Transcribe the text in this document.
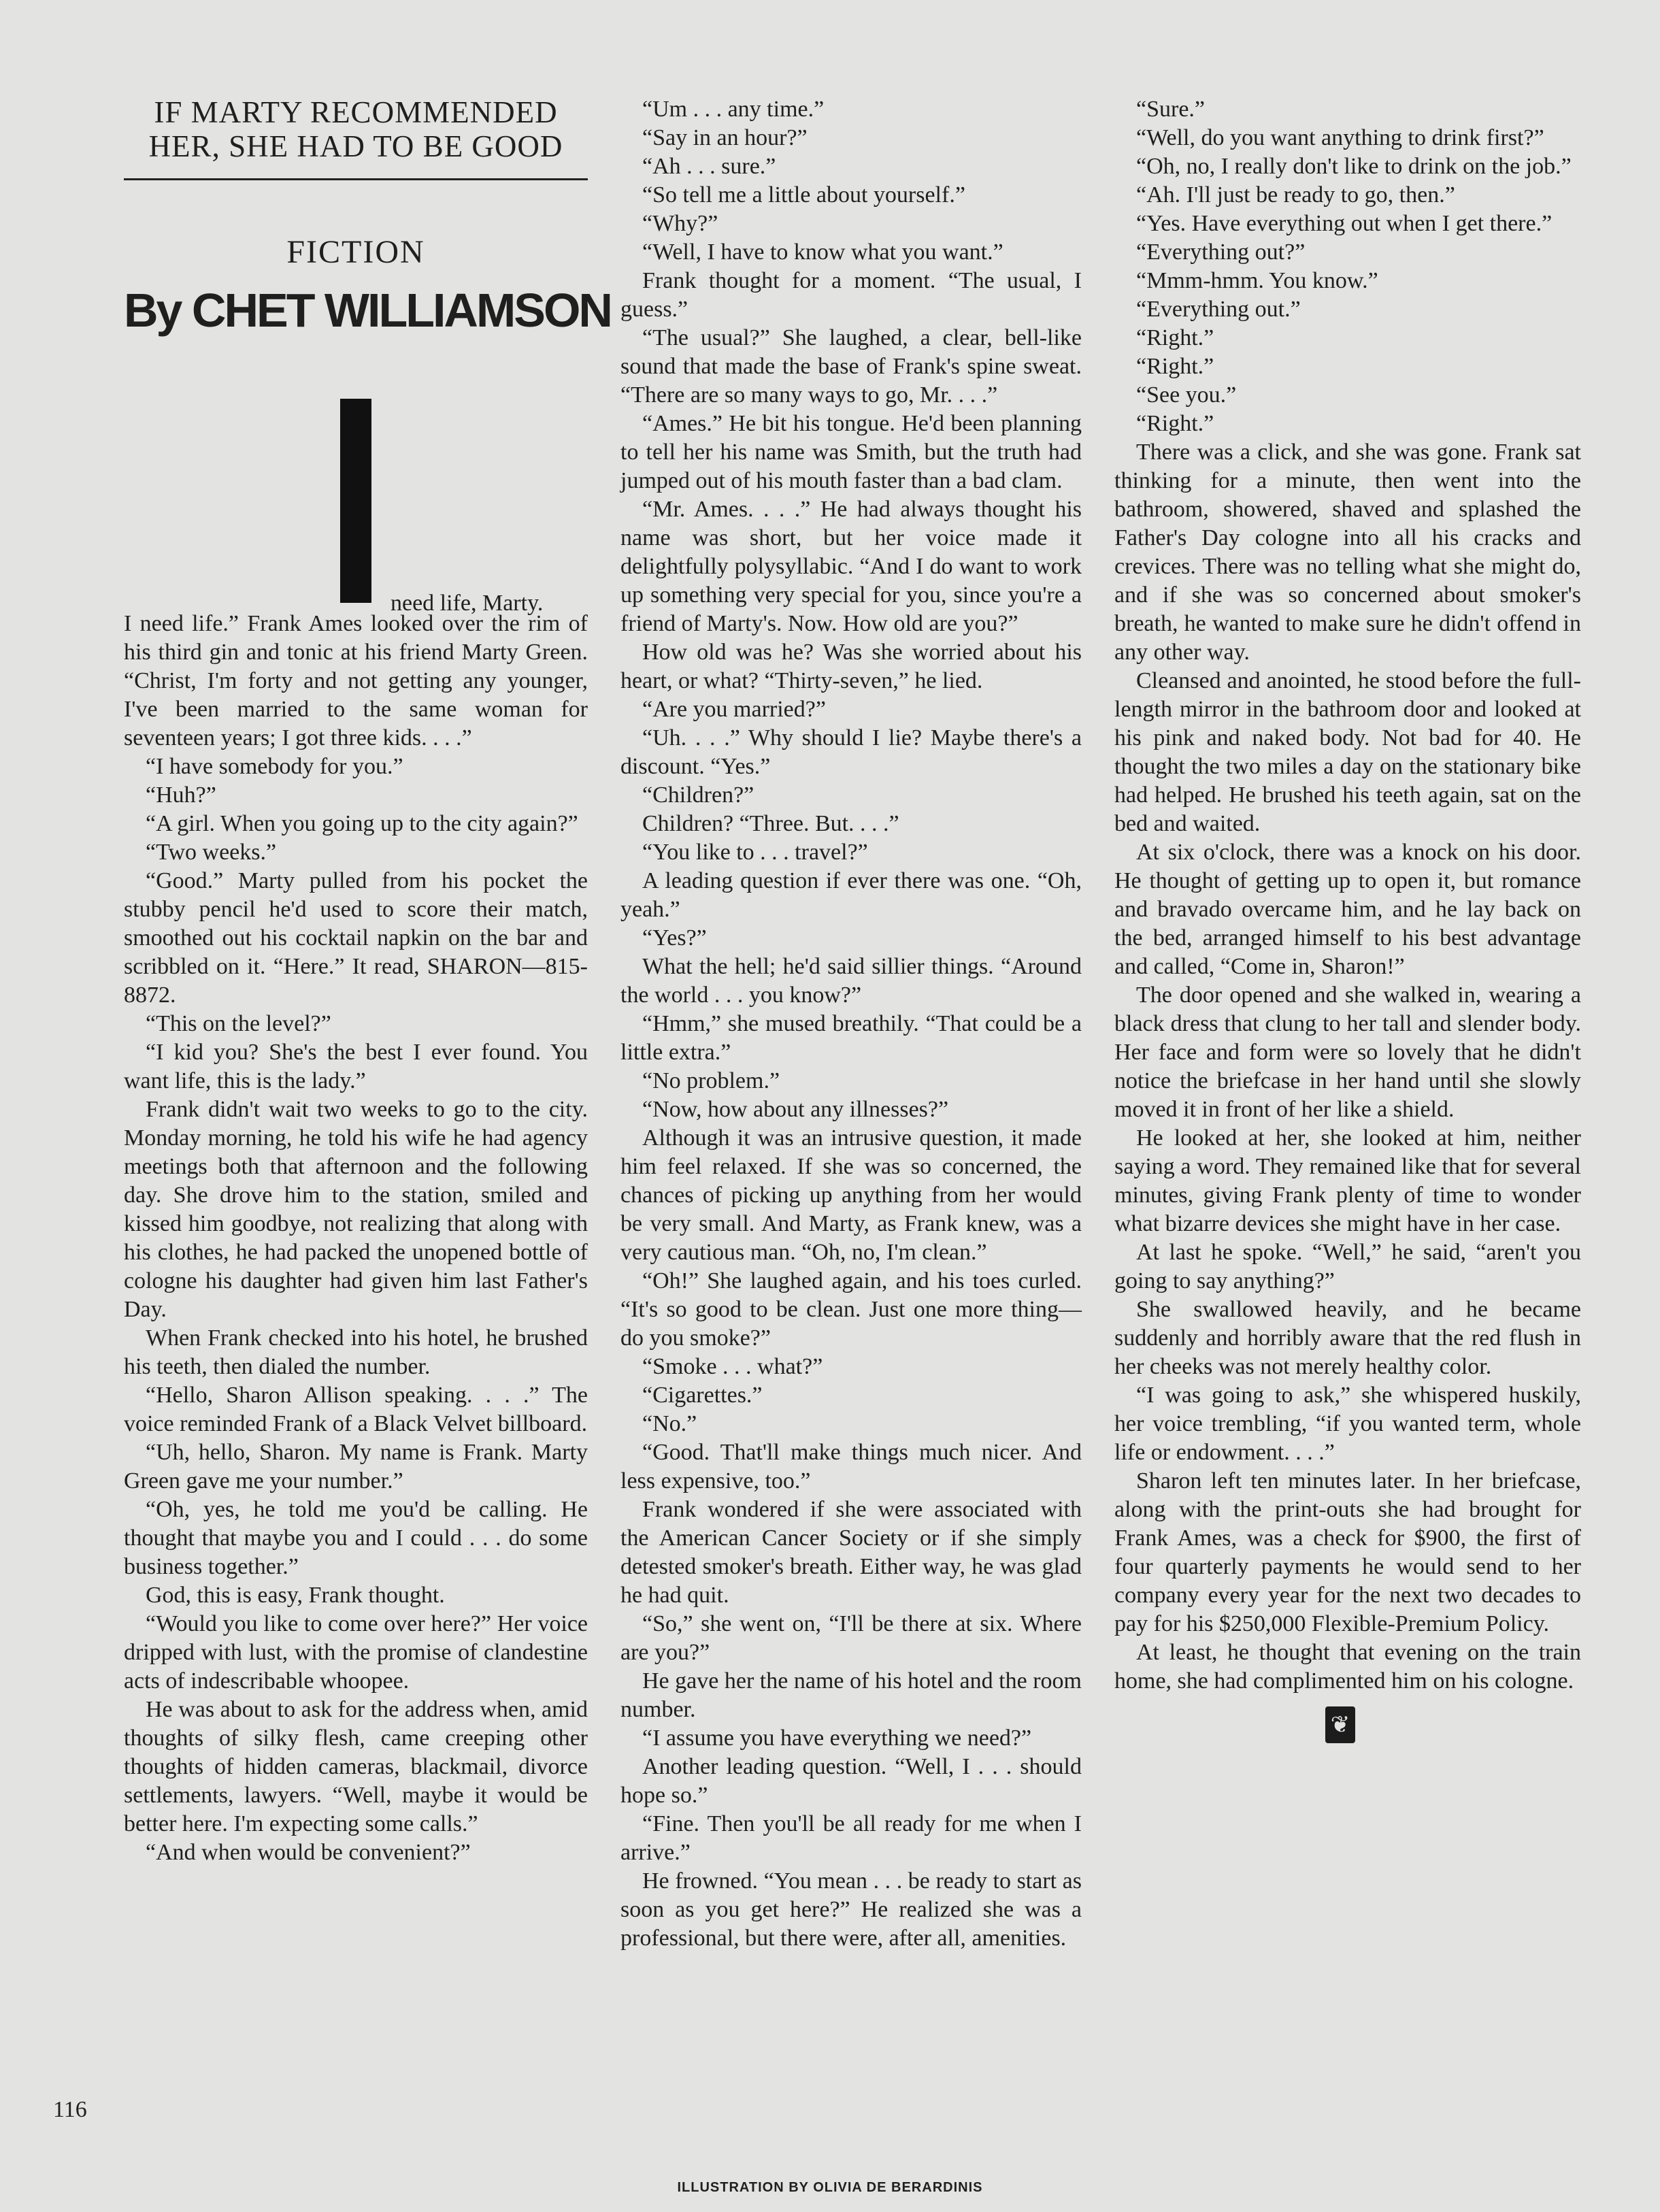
IF MARTY RECOMMENDED HER, SHE HAD TO BE GOOD
FICTION
By CHET WILLIAMSON
need life, Marty.

I need life.” Frank Ames looked over the rim of his third gin and tonic at his friend Marty Green. “Christ, I'm forty and not getting any younger, I've been married to the same woman for seventeen years; I got three kids. . . .”

“I have somebody for you.”

“Huh?”

“A girl. When you going up to the city again?”

“Two weeks.”

“Good.” Marty pulled from his pocket the stubby pencil he'd used to score their match, smoothed out his cocktail napkin on the bar and scribbled on it. “Here.” It read, SHARON—815-8872.

“This on the level?”

“I kid you? She's the best I ever found. You want life, this is the lady.”

Frank didn't wait two weeks to go to the city. Monday morning, he told his wife he had agency meetings both that afternoon and the following day. She drove him to the station, smiled and kissed him goodbye, not realizing that along with his clothes, he had packed the unopened bottle of cologne his daughter had given him last Father's Day.

When Frank checked into his hotel, he brushed his teeth, then dialed the number.

“Hello, Sharon Allison speaking. . . .” The voice reminded Frank of a Black Velvet billboard.

“Uh, hello, Sharon. My name is Frank. Marty Green gave me your number.”

“Oh, yes, he told me you'd be calling. He thought that maybe you and I could . . . do some business together.”

God, this is easy, Frank thought.

“Would you like to come over here?” Her voice dripped with lust, with the promise of clandestine acts of indescribable whoopee.

He was about to ask for the address when, amid thoughts of silky flesh, came creeping other thoughts of hidden cameras, blackmail, divorce settlements, lawyers. “Well, maybe it would be better here. I'm expecting some calls.”

“And when would be convenient?”

“Um . . . any time.”

“Say in an hour?”

“Ah . . . sure.”

“So tell me a little about yourself.”

“Why?”

“Well, I have to know what you want.”

Frank thought for a moment. “The usual, I guess.”

“The usual?” She laughed, a clear, bell-like sound that made the base of Frank's spine sweat. “There are so many ways to go, Mr. . . .”

“Ames.” He bit his tongue. He'd been planning to tell her his name was Smith, but the truth had jumped out of his mouth faster than a bad clam.

“Mr. Ames. . . .” He had always thought his name was short, but her voice made it delightfully polysyllabic. “And I do want to work up something very special for you, since you're a friend of Marty's. Now. How old are you?”

How old was he? Was she worried about his heart, or what? “Thirty-seven,” he lied.

“Are you married?”

“Uh. . . .” Why should I lie? Maybe there's a discount. “Yes.”

“Children?”

Children? “Three. But. . . .”

“You like to . . . travel?”

A leading question if ever there was one. “Oh, yeah.”

“Yes?”

What the hell; he'd said sillier things. “Around the world . . . you know?”

“Hmm,” she mused breathily. “That could be a little extra.”

“No problem.”

“Now, how about any illnesses?”

Although it was an intrusive question, it made him feel relaxed. If she was so concerned, the chances of picking up anything from her would be very small. And Marty, as Frank knew, was a very cautious man. “Oh, no, I'm clean.”

“Oh!” She laughed again, and his toes curled. “It's so good to be clean. Just one more thing—do you smoke?”

“Smoke . . . what?”

“Cigarettes.”

“No.”

“Good. That'll make things much nicer. And less expensive, too.”

Frank wondered if she were associated with the American Cancer Society or if she simply detested smoker's breath. Either way, he was glad he had quit.

“So,” she went on, “I'll be there at six. Where are you?”

He gave her the name of his hotel and the room number.

“I assume you have everything we need?”

Another leading question. “Well, I . . . should hope so.”

“Fine. Then you'll be all ready for me when I arrive.”

He frowned. “You mean . . . be ready to start as soon as you get here?” He realized she was a professional, but there were, after all, amenities.

“Sure.”

“Well, do you want anything to drink first?”

“Oh, no, I really don't like to drink on the job.”

“Ah. I'll just be ready to go, then.”

“Yes. Have everything out when I get there.”

“Everything out?”

“Mmm-hmm. You know.”

“Everything out.”

“Right.”

“Right.”

“See you.”

“Right.”

There was a click, and she was gone. Frank sat thinking for a minute, then went into the bathroom, showered, shaved and splashed the Father's Day cologne into all his cracks and crevices. There was no telling what she might do, and if she was so concerned about smoker's breath, he wanted to make sure he didn't offend in any other way.

Cleansed and anointed, he stood before the full-length mirror in the bathroom door and looked at his pink and naked body. Not bad for 40. He thought the two miles a day on the stationary bike had helped. He brushed his teeth again, sat on the bed and waited.

At six o'clock, there was a knock on his door. He thought of getting up to open it, but romance and bravado overcame him, and he lay back on the bed, arranged himself to his best advantage and called, “Come in, Sharon!”

The door opened and she walked in, wearing a black dress that clung to her tall and slender body. Her face and form were so lovely that he didn't notice the briefcase in her hand until she slowly moved it in front of her like a shield.

He looked at her, she looked at him, neither saying a word. They remained like that for several minutes, giving Frank plenty of time to wonder what bizarre devices she might have in her case.

At last he spoke. “Well,” he said, “aren't you going to say anything?”

She swallowed heavily, and he became suddenly and horribly aware that the red flush in her cheeks was not merely healthy color.

“I was going to ask,” she whispered huskily, her voice trembling, “if you wanted term, whole life or endowment. . . .”

Sharon left ten minutes later. In her briefcase, along with the print-outs she had brought for Frank Ames, was a check for $900, the first of four quarterly payments he would send to her company every year for the next two decades to pay for his $250,000 Flexible-Premium Policy.

At least, he thought that evening on the train home, she had complimented him on his cologne.

❦
116
ILLUSTRATION BY OLIVIA DE BERARDINIS
